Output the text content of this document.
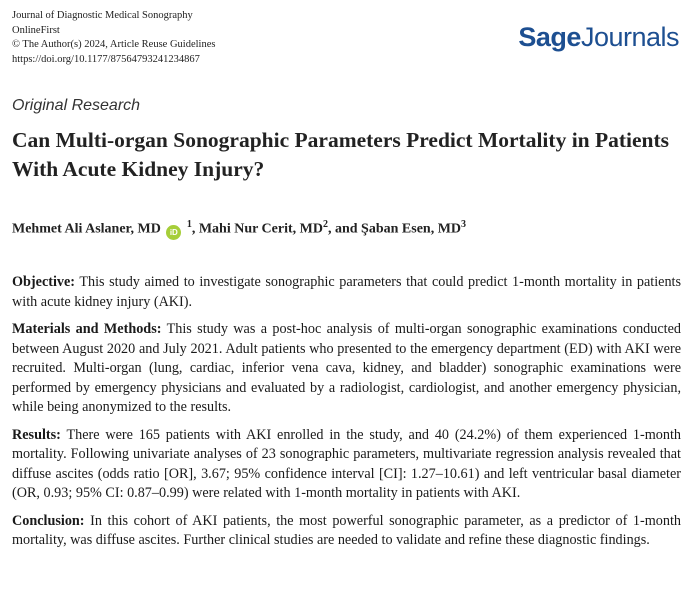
Journal of Diagnostic Medical Sonography
OnlineFirst
© The Author(s) 2024, Article Reuse Guidelines
https://doi.org/10.1177/87564793241234867
SageJournals
Original Research
Can Multi-organ Sonographic Parameters Predict Mortality in Patients With Acute Kidney Injury?
Mehmet Ali Aslaner, MD iD $^1$, Mahi Nur Cerit, $MD^2$, and Şaban Esen, $MD^3$

Objective: This study aimed to investigate sonographic parameters that could predict 1-month mortality in patients with acute kidney injury (AKI).

Materials and Methods: This study was a post-hoc analysis of multi-organ sonographic examinations conducted between August 2020 and July 2021. Adult patients who presented to the emergency department (ED) with AKI were recruited. Multi-organ (lung, cardiac, inferior vena cava, kidney, and bladder) sonographic examinations were performed by emergency physicians and evaluated by a radiologist, cardiologist, and another emergency physician, while being anonymized to the results.

Results: There were 165 patients with AKI enrolled in the study, and 40 (24.2%) of them experienced 1-month mortality. Following univariate analyses of 23 sonographic parameters, multivariate regression analysis revealed that diffuse ascites (odds ratio [OR], 3.67; 95% confidence interval [CI]: 1.27–10.61) and left ventricular basal diameter (OR, 0.93; 95% CI: 0.87–0.99) were related with 1-month mortality in patients with AKI.

Conclusion: In this cohort of AKI patients, the most powerful sonographic parameter, as a predictor of 1-month mortality, was diffuse ascites. Further clinical studies are needed to validate and refine these diagnostic findings.
